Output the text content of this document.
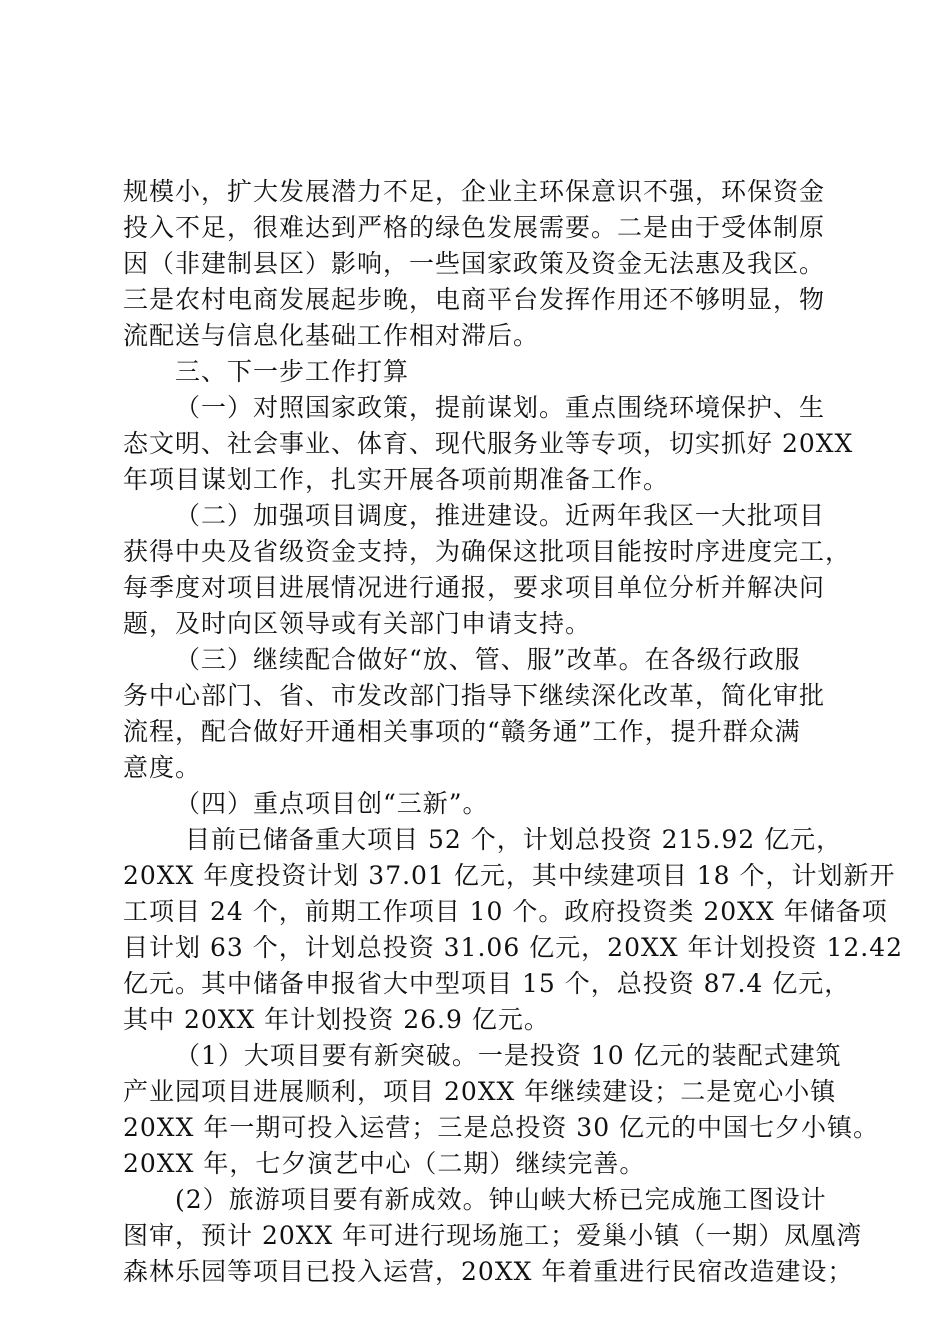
规模小，扩大发展潜力不足，企业主环保意识不强，环保资金
投入不足，很难达到严格的绿色发展需要。二是由于受体制原
因（非建制县区）影响，一些国家政策及资金无法惠及我区。
三是农村电商发展起步晚，电商平台发挥作用还不够明显，物
流配送与信息化基础工作相对滞后。
三、下一步工作打算
（一）对照国家政策，提前谋划。重点围绕环境保护、生
态文明、社会事业、体育、现代服务业等专项，切实抓好 20XX
年项目谋划工作，扎实开展各项前期准备工作。
（二）加强项目调度，推进建设。近两年我区一大批项目
获得中央及省级资金支持，为确保这批项目能按时序进度完工，
每季度对项目进展情况进行通报，要求项目单位分析并解决问
题，及时向区领导或有关部门申请支持。
（三）继续配合做好“放、管、服”改革。在各级行政服
务中心部门、省、市发改部门指导下继续深化改革，简化审批
流程，配合做好开通相关事项的“赣务通”工作，提升群众满
意度。
（四）重点项目创“三新”。
目前已储备重大项目 52 个，计划总投资 215.92 亿元，
20XX 年度投资计划 37.01 亿元，其中续建项目 18 个，计划新开
工项目 24 个，前期工作项目 10 个。政府投资类 20XX 年储备项
目计划 63 个，计划总投资 31.06 亿元，20XX 年计划投资 12.42
亿元。其中储备申报省大中型项目 15 个，总投资 87.4 亿元，
其中 20XX 年计划投资 26.9 亿元。
（1）大项目要有新突破。一是投资 10 亿元的装配式建筑
产业园项目进展顺利，项目 20XX 年继续建设；二是宽心小镇
20XX 年一期可投入运营；三是总投资 30 亿元的中国七夕小镇。
20XX 年，七夕演艺中心（二期）继续完善。
(2）旅游项目要有新成效。钟山峡大桥已完成施工图设计
图审，预计 20XX 年可进行现场施工；爱巢小镇（一期）凤凰湾
森林乐园等项目已投入运营，20XX 年着重进行民宿改造建设；
